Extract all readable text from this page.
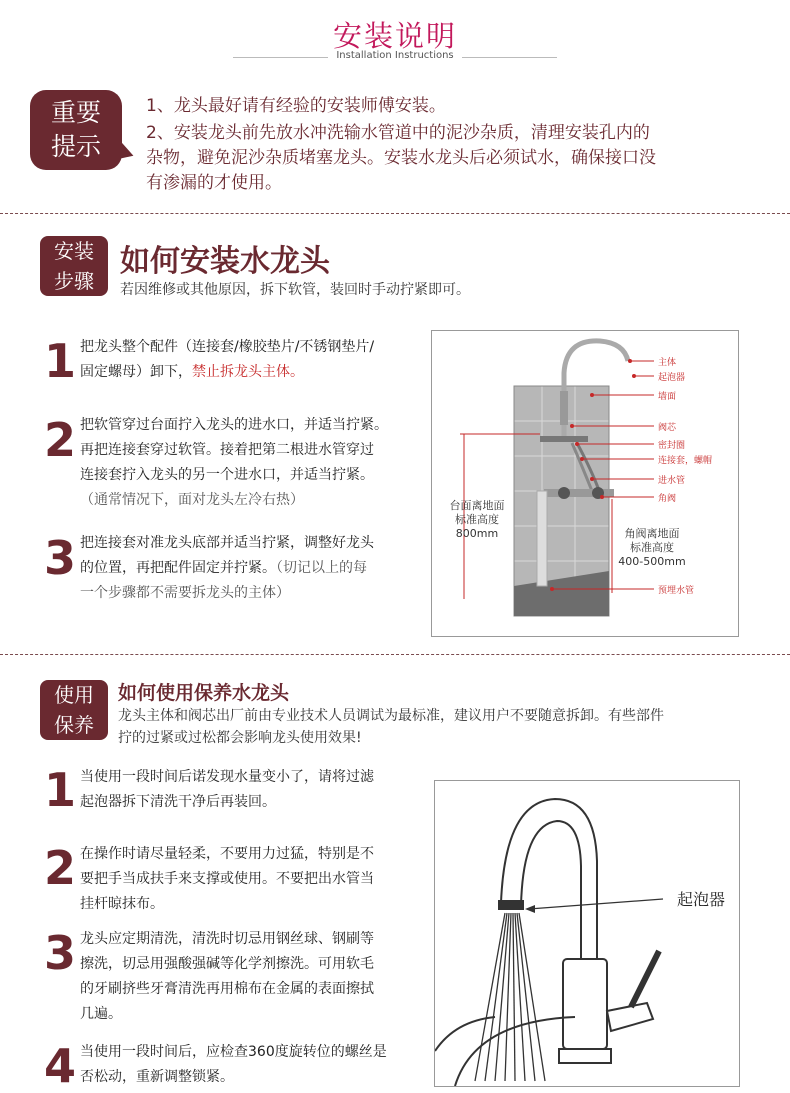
安装说明
Installation Instructions
重要
提示
1、龙头最好请有经验的安装师傅安装。
2、安装龙头前先放水冲洗输水管道中的泥沙杂质，清理安装孔内的
杂物，避免泥沙杂质堵塞龙头。安装水龙头后必须试水，确保接口没
有渗漏的才使用。
安装
步骤
如何安装水龙头
若因维修或其他原因，拆下软管，装回时手动拧紧即可。
1 把龙头整个配件（连接套/橡胶垫片/不锈钢垫片/
固定螺母）卸下，禁止拆龙头主体。
2 把软管穿过台面拧入龙头的进水口，并适当拧紧。
再把连接套穿过软管。接着把第二根进水管穿过
连接套拧入龙头的另一个进水口，并适当拧紧。
（通常情况下，面对龙头左冷右热）
3 把连接套对准龙头底部并适当拧紧，调整好龙头
的位置，再把配件固定并拧紧。（切记以上的每
一个步骤都不需要拆龙头的主体）
主体
起泡器
墙面
阀芯
密封圈
连接套，螺帽
进水管
角阀
预埋水管
台面离地面
标准高度
800mm	角阀离地面
标准高度
400-500mm
使用
保养
如何使用保养水龙头
龙头主体和阀芯出厂前由专业技术人员调试为最标准，建议用户不要随意拆卸。有些部件
拧的过紧或过松都会影响龙头使用效果!
1 当使用一段时间后诺发现水量变小了，请将过滤
起泡器拆下清洗干净后再装回。
2 在操作时请尽量轻柔，不要用力过猛，特别是不
要把手当成扶手来支撑或使用。不要把出水管当
挂杆晾抹布。
3 龙头应定期清洗，清洗时切忌用钢丝球、钢刷等
擦洗，切忌用强酸强碱等化学剂擦洗。可用软毛
的牙刷挤些牙膏清洗再用棉布在金属的表面擦拭
几遍。
4 当使用一段时间后，应检查360度旋转位的螺丝是
否松动，重新调整锁紧。
起泡器
